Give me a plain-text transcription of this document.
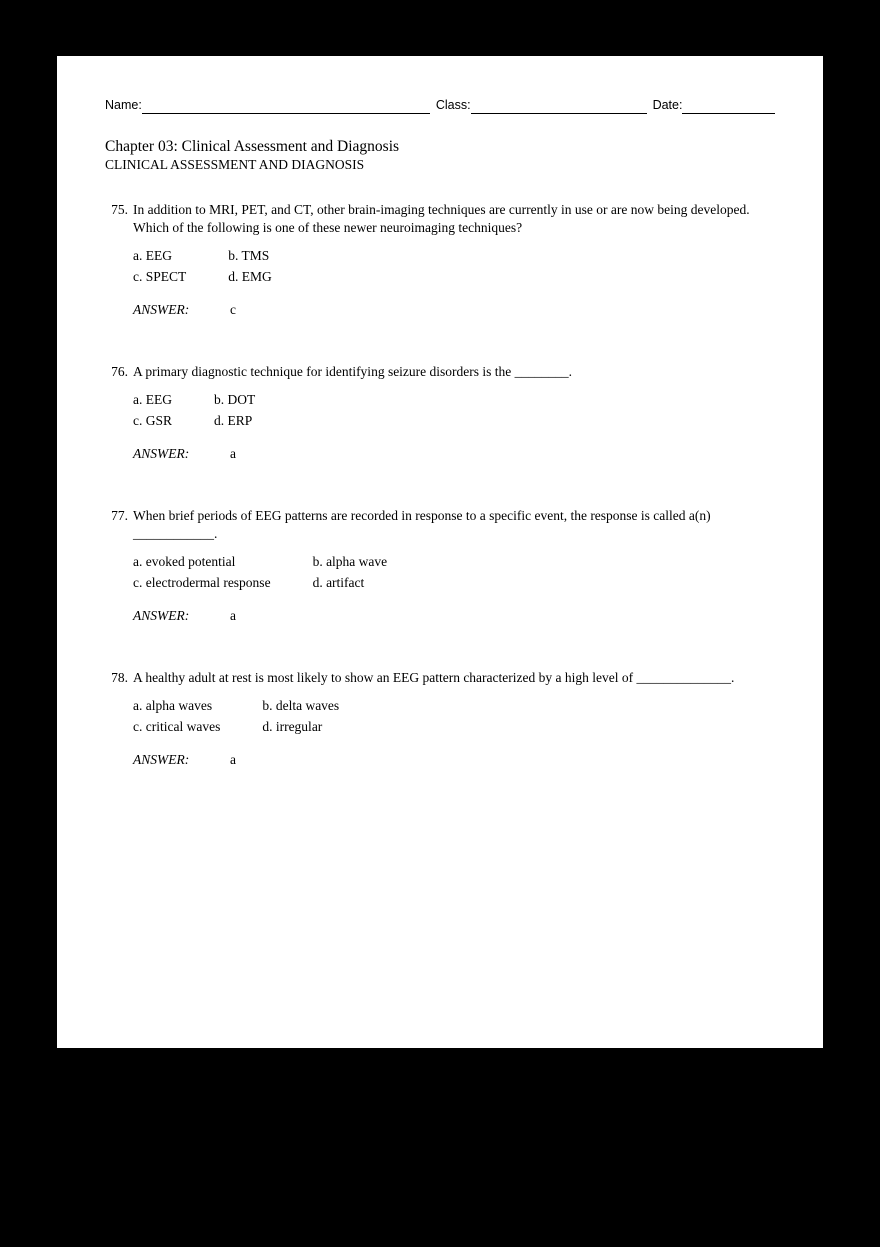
Name:	Class:	Date:
Chapter 03: Clinical Assessment and Diagnosis
CLINICAL ASSESSMENT AND DIAGNOSIS
75. In addition to MRI, PET, and CT, other brain-imaging techniques are currently in use or are now being developed. Which of the following is one of these newer neuroimaging techniques?
a. EEG	b. TMS
c. SPECT	d. EMG
ANSWER:	c
76. A primary diagnostic technique for identifying seizure disorders is the ________.
a. EEG	b. DOT
c. GSR	d. ERP
ANSWER:	a
77. When brief periods of EEG patterns are recorded in response to a specific event, the response is called a(n) ____________.
a. evoked potential	b. alpha wave
c. electrodermal response	d. artifact
ANSWER:	a
78. A healthy adult at rest is most likely to show an EEG pattern characterized by a high level of ______________.
a. alpha waves	b. delta waves
c. critical waves	d. irregular
ANSWER:	a
